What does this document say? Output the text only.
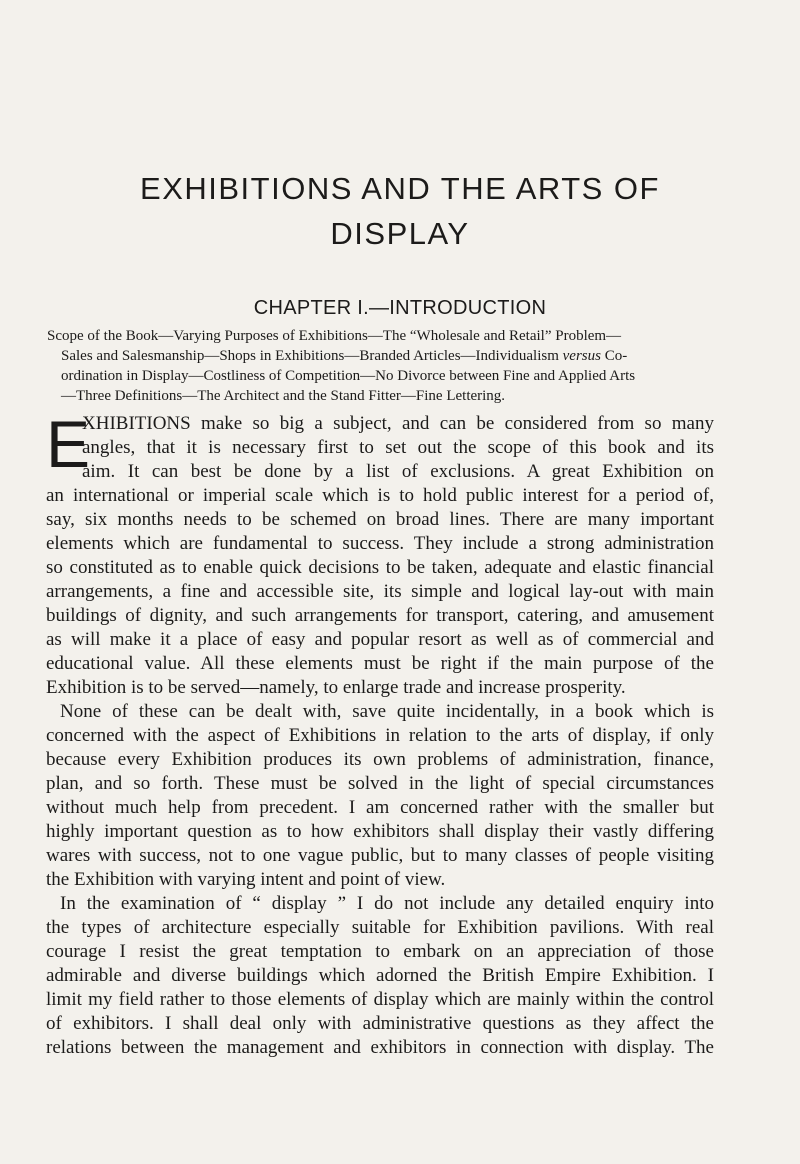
EXHIBITIONS AND THE ARTS OF
DISPLAY
CHAPTER I.—INTRODUCTION
Scope of the Book—Varying Purposes of Exhibitions—The “Wholesale and Retail” Problem—
Sales and Salesmanship—Shops in Exhibitions—Branded Articles—Individualism versus Co-
ordination in Display—Costliness of Competition—No Divorce between Fine and Applied Arts
—Three Definitions—The Architect and the Stand Fitter—Fine Lettering.
E
XHIBITIONS make so big a subject, and can be considered from so many
angles, that it is necessary first to set out the scope of this book and its
aim. It can best be done by a list of exclusions. A great Exhibition on
an international or imperial scale which is to hold public interest for a period of,
say, six months needs to be schemed on broad lines. There are many important
elements which are fundamental to success. They include a strong administration
so constituted as to enable quick decisions to be taken, adequate and elastic financial
arrangements, a fine and accessible site, its simple and logical lay-out with main
buildings of dignity, and such arrangements for transport, catering, and amusement
as will make it a place of easy and popular resort as well as of commercial and
educational value. All these elements must be right if the main purpose of the
Exhibition is to be served—namely, to enlarge trade and increase prosperity.
None of these can be dealt with, save quite incidentally, in a book which is
concerned with the aspect of Exhibitions in relation to the arts of display, if only
because every Exhibition produces its own problems of administration, finance,
plan, and so forth. These must be solved in the light of special circumstances
without much help from precedent. I am concerned rather with the smaller but
highly important question as to how exhibitors shall display their vastly differing
wares with success, not to one vague public, but to many classes of people visiting
the Exhibition with varying intent and point of view.
In the examination of “ display ” I do not include any detailed enquiry into
the types of architecture especially suitable for Exhibition pavilions. With real
courage I resist the great temptation to embark on an appreciation of those
admirable and diverse buildings which adorned the British Empire Exhibition. I
limit my field rather to those elements of display which are mainly within the control
of exhibitors. I shall deal only with administrative questions as they affect the
relations between the management and exhibitors in connection with display. The
